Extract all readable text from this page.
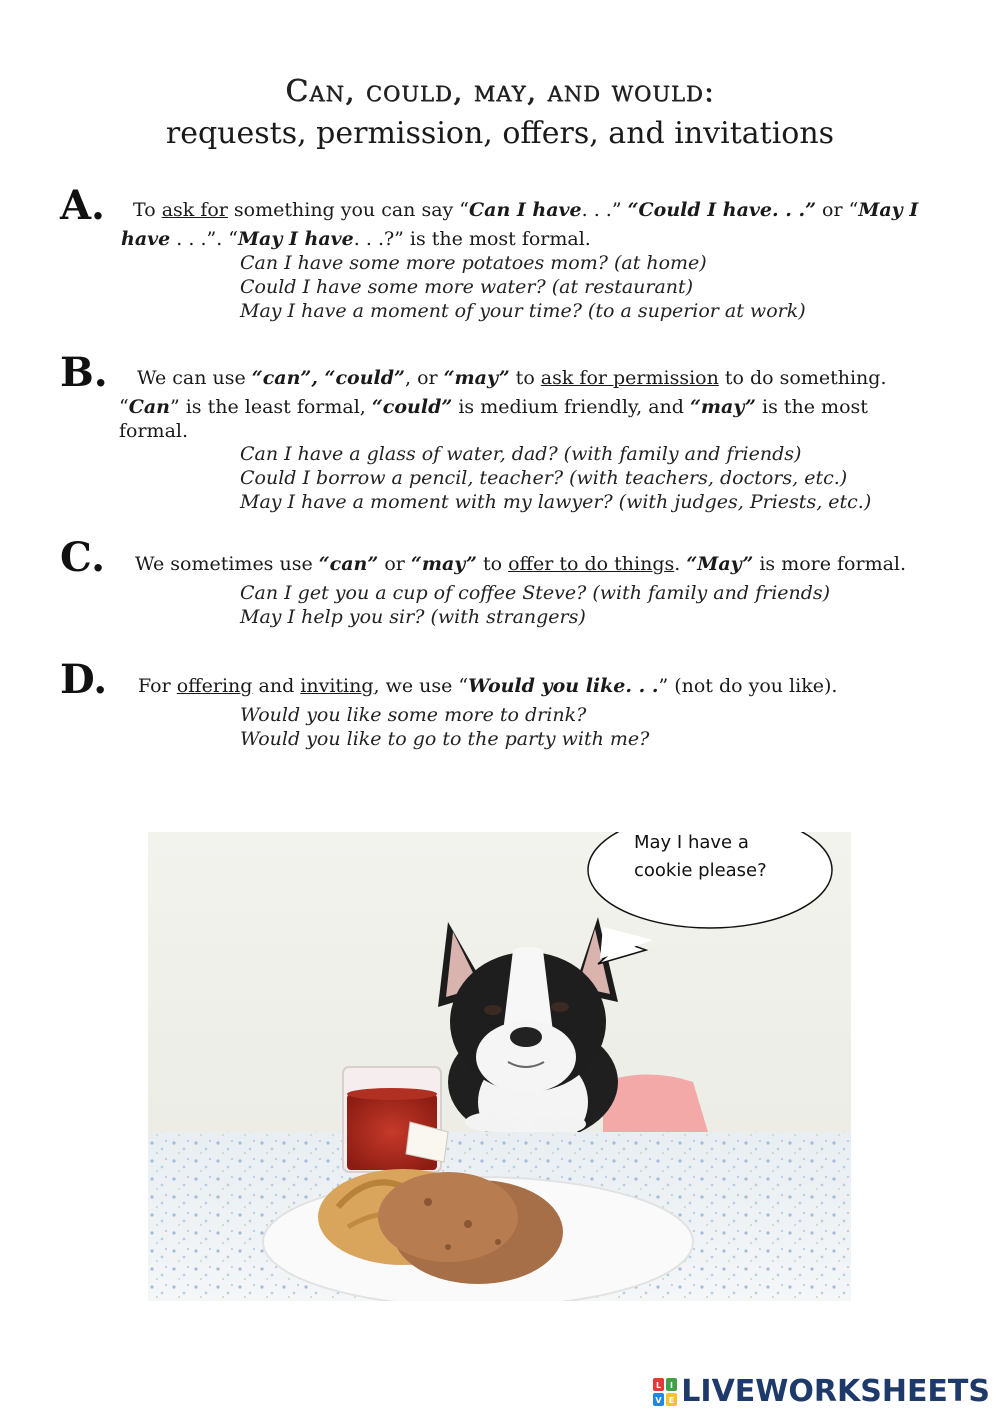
Can, could, may, and would:
requests, permission, offers, and invitations
A. To ask for something you can say “Can I have. . .” “Could I have. . .” or “May I
have . . .”. “May I have. . .?” is the most formal.
Can I have some more potatoes mom? (at home)
Could I have some more water? (at restaurant)
May I have a moment of your time? (to a superior at work)
B. We can use “can”, “could”, or “may” to ask for permission to do something.
“Can” is the least formal, “could” is medium friendly, and “may” is the most
formal.
Can I have a glass of water, dad? (with family and friends)
Could I borrow a pencil, teacher? (with teachers, doctors, etc.)
May I have a moment with my lawyer? (with judges, Priests, etc.)
C. We sometimes use “can” or “may” to offer to do things. “May” is more formal.
Can I get you a cup of coffee Steve? (with family and friends)
May I help you sir? (with strangers)
D. For offering and inviting, we use “Would you like. . .” (not do you like).
Would you like some more to drink?
Would you like to go to the party with me?
May I have a
cookie please?
L I
V E LIVEWORKSHEETS
